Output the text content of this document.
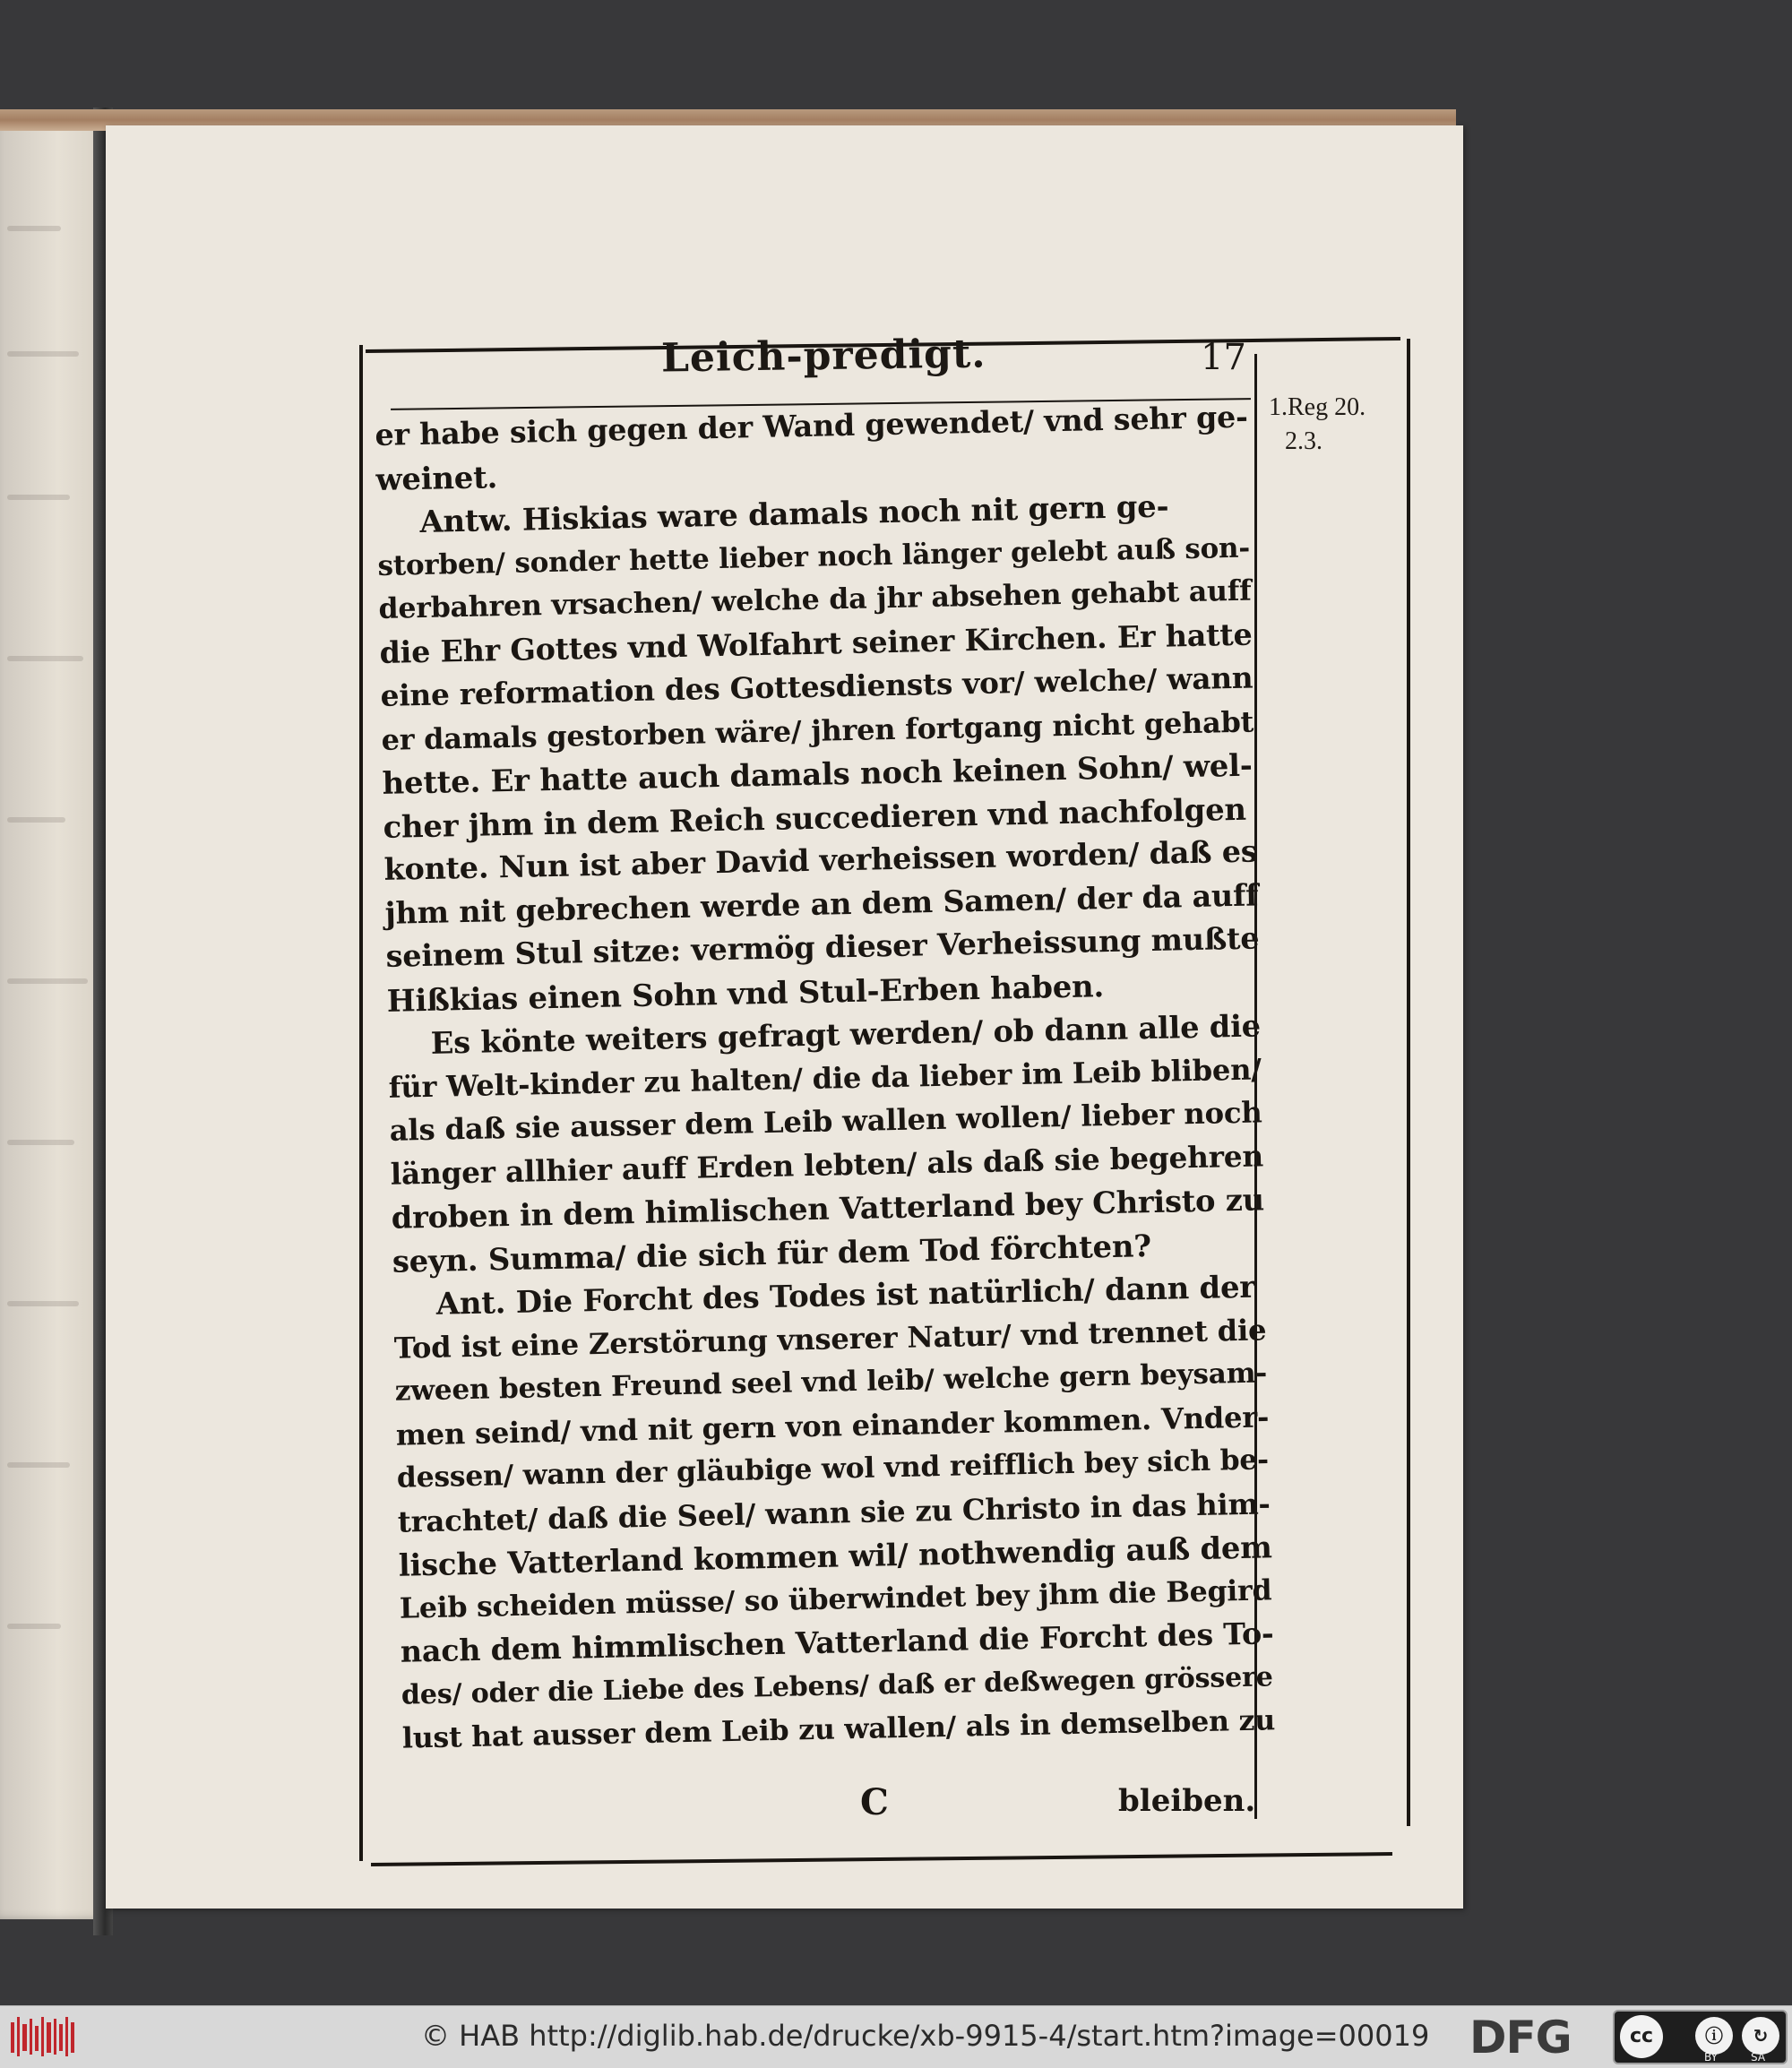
Leich-predigt.	17
1.Reg 20.
2.3.
er habe sich gegen der Wand gewendet/ vnd sehr ge-
weinet.
Antw. Hiskias ware damals noch nit gern ge-
storben/ sonder hette lieber noch länger gelebt auß son-
derbahren vrsachen/ welche da jhr absehen gehabt auff
die Ehr Gottes vnd Wolfahrt seiner Kirchen. Er hatte
eine reformation des Gottesdiensts vor/ welche/ wann
er damals gestorben wäre/ jhren fortgang nicht gehabt
hette. Er hatte auch damals noch keinen Sohn/ wel-
cher jhm in dem Reich succedieren vnd nachfolgen
konte. Nun ist aber David verheissen worden/ daß es
jhm nit gebrechen werde an dem Samen/ der da auff
seinem Stul sitze: vermög dieser Verheissung mußte
Hißkias einen Sohn vnd Stul-Erben haben.
Es könte weiters gefragt werden/ ob dann alle die
für Welt-kinder zu halten/ die da lieber im Leib bliben/
als daß sie ausser dem Leib wallen wollen/ lieber noch
länger allhier auff Erden lebten/ als daß sie begehren
droben in dem himlischen Vatterland bey Christo zu
seyn. Summa/ die sich für dem Tod förchten?
Ant. Die Forcht des Todes ist natürlich/ dann der
Tod ist eine Zerstörung vnserer Natur/ vnd trennet die
zween besten Freund seel vnd leib/ welche gern beysam-
men seind/ vnd nit gern von einander kommen. Vnder-
dessen/ wann der gläubige wol vnd reifflich bey sich be-
trachtet/ daß die Seel/ wann sie zu Christo in das him-
lische Vatterland kommen wil/ nothwendig auß dem
Leib scheiden müsse/ so überwindet bey jhm die Begird
nach dem himmlischen Vatterland die Forcht des To-
des/ oder die Liebe des Lebens/ daß er deßwegen grössere
lust hat ausser dem Leib zu wallen/ als in demselben zu
C	bleiben.
© HAB http://diglib.hab.de/drucke/xb-9915-4/start.htm?image=00019 DFG	cc	ⓘ	↻
BY	SA
